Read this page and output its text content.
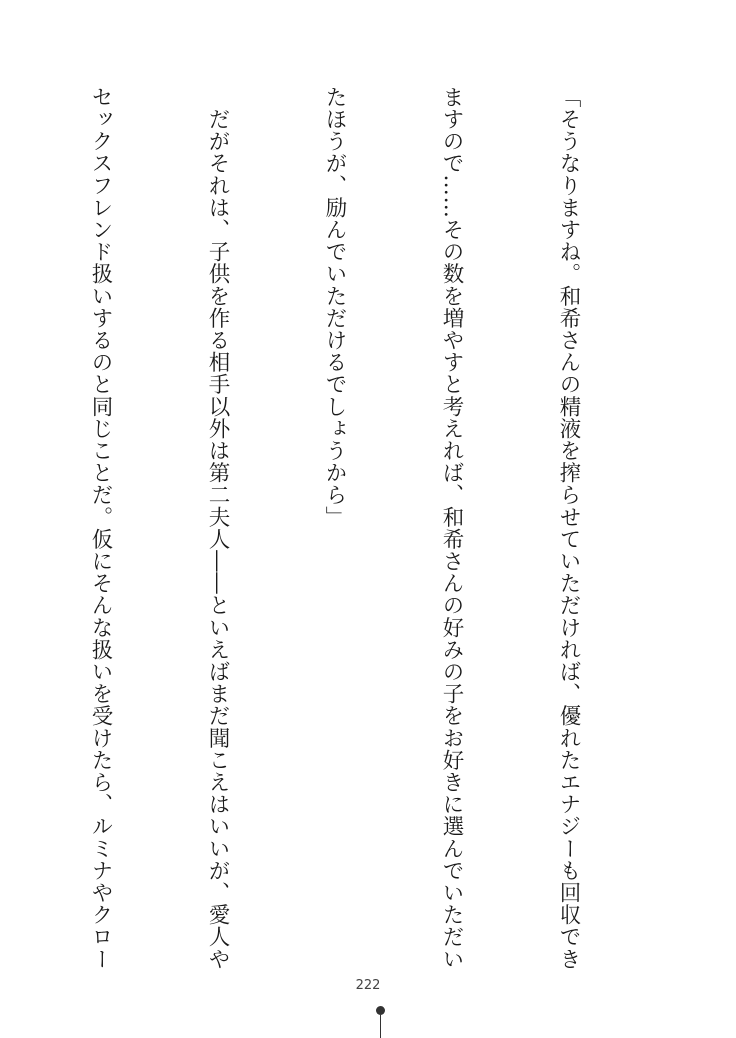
「そうなりますね。和希さんの精液を搾らせていただければ、優れたエナジーも回収でき

ますので……その数を増やすと考えれば、和希さんの好みの子をお好きに選んでいただい

たほうが、励んでいただけるでしょうから」

　だがそれは、子供を作る相手以外は第二夫人――といえばまだ聞こえはいいが、愛人や

セックスフレンド扱いするのと同じことだ。仮にそんな扱いを受けたら、ルミナやクロー

222
